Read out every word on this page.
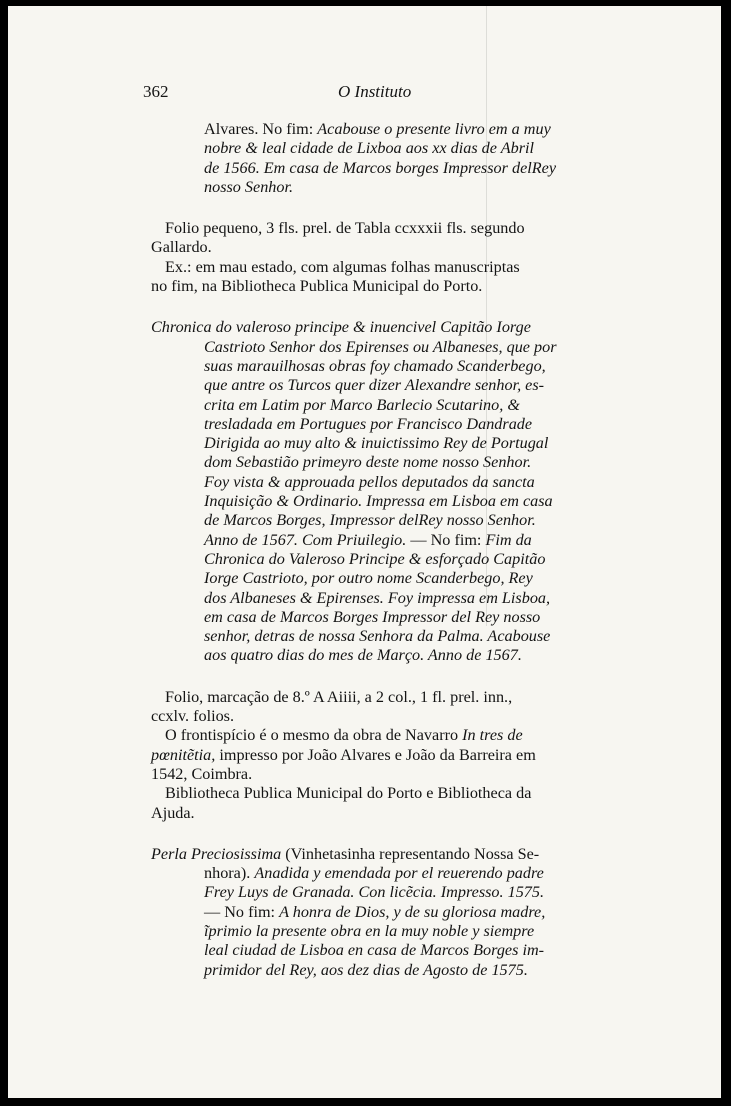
362	O Instituto
Alvares. No fim: Acabouse o presente livro em a muy
nobre & leal cidade de Lixboa aos xx dias de Abril
de 1566. Em casa de Marcos borges Impressor delRey
nosso Senhor.
Folio pequeno, 3 fls. prel. de Tabla ccxxxii fls. segundo
Gallardo.
Ex.: em mau estado, com algumas folhas manuscriptas
no fim, na Bibliotheca Publica Municipal do Porto.
Chronica do valeroso principe & inuencivel Capitão Iorge
Castrioto Senhor dos Epirenses ou Albaneses, que por
suas marauilhosas obras foy chamado Scanderbego,
que antre os Turcos quer dizer Alexandre senhor, es-
crita em Latim por Marco Barlecio Scutarino, &
tresladada em Portugues por Francisco Dandrade
Dirigida ao muy alto & inuictissimo Rey de Portugal
dom Sebastião primeyro deste nome nosso Senhor.
Foy vista & approuada pellos deputados da sancta
Inquisição & Ordinario. Impressa em Lisboa em casa
de Marcos Borges, Impressor delRey nosso Senhor.
Anno de 1567. Com Priuilegio. — No fim: Fim da
Chronica do Valeroso Principe & esforçado Capitão
Iorge Castrioto, por outro nome Scanderbego, Rey
dos Albaneses & Epirenses. Foy impressa em Lisboa,
em casa de Marcos Borges Impressor del Rey nosso
senhor, detras de nossa Senhora da Palma. Acabouse
aos quatro dias do mes de Março. Anno de 1567.
Folio, marcação de 8.º A Aiiii, a 2 col., 1 fl. prel. inn.,
ccxlv. folios.
O frontispício é o mesmo da obra de Navarro In tres de
pœnitẽtia, impresso por João Alvares e João da Barreira em
1542, Coimbra.
Bibliotheca Publica Municipal do Porto e Bibliotheca da
Ajuda.
Perla Preciosissima (Vinhetasinha representando Nossa Se-
nhora). Anadida y emendada por el reuerendo padre
Frey Luys de Granada. Con licẽcia. Impresso. 1575.
— No fim: A honra de Dios, y de su gloriosa madre,
ĩprimio la presente obra en la muy noble y siempre
leal ciudad de Lisboa en casa de Marcos Borges im-
primidor del Rey, aos dez dias de Agosto de 1575.
